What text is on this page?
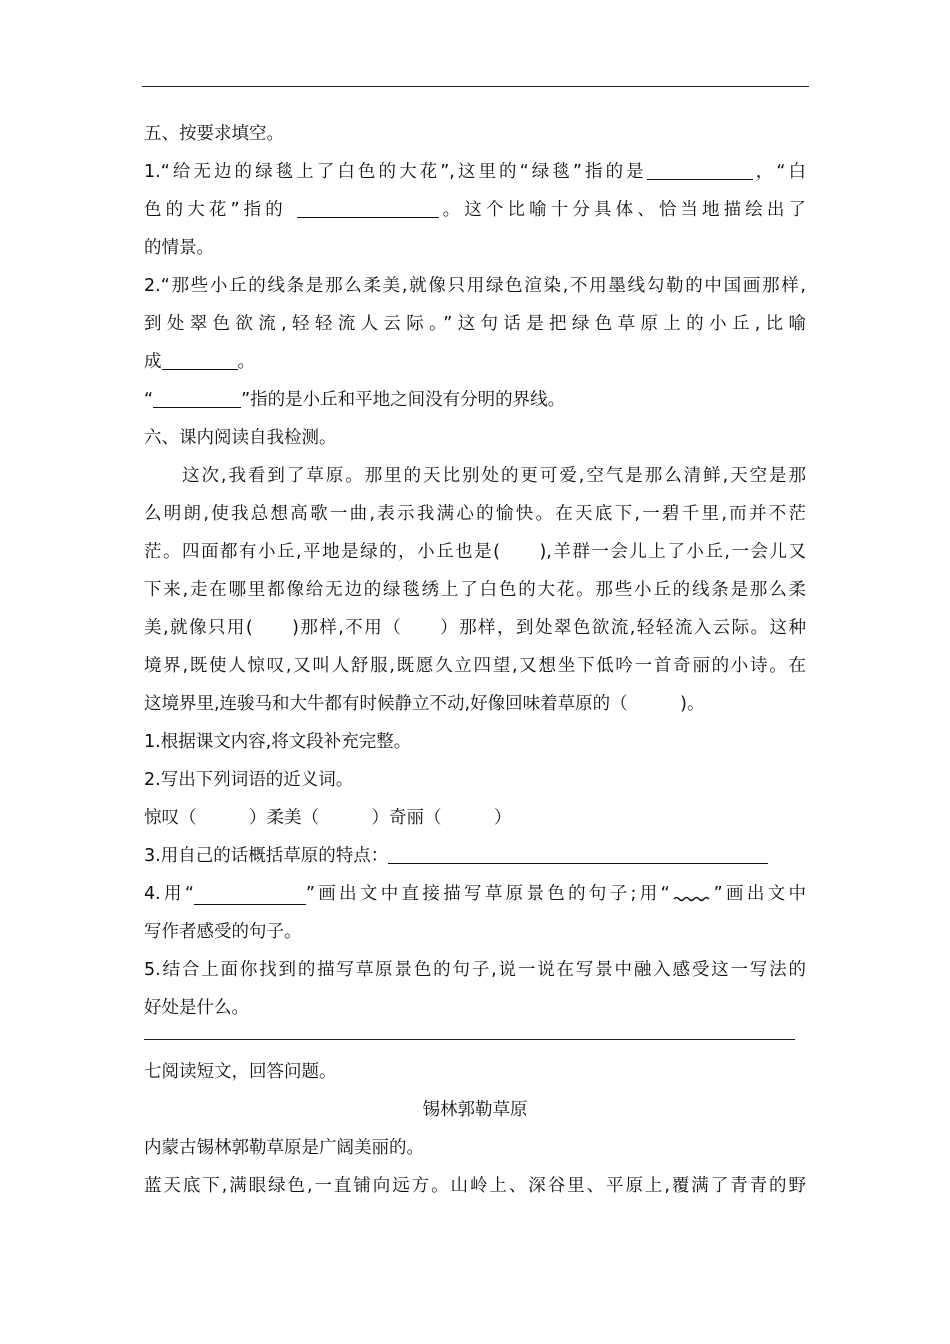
五、按要求填空。
1.“给无边的绿毯上了白色的大花”,这里的“绿毯”指的是	，“白
色的大花”指的	。这个比喻十分具体、恰当地描绘出了
的情景。
2.“那些小丘的线条是那么柔美,就像只用绿色渲染,不用墨线勾勒的中国画那样,
到处翠色欲流,轻轻流人云际。”这句话是把绿色草原上的小丘,比喻
成	。
“	”指的是小丘和平地之间没有分明的界线。
六、课内阅读自我检测。
这次,我看到了草原。那里的天比别处的更可爱,空气是那么清鲜,天空是那
么明朗,使我总想高歌一曲,表示我满心的愉快。在天底下,一碧千里,而并不茫
茫。四面都有小丘,平地是绿的，小丘也是(　　),羊群一会儿上了小丘,一会儿又
下来,走在哪里都像给无边的绿毯绣上了白色的大花。那些小丘的线条是那么柔
美,就像只用(　　)那样,不用（　　）那样，到处翠色欲流,轻轻流入云际。这种
境界,既使人惊叹,又叫人舒服,既愿久立四望,又想坐下低吟一首奇丽的小诗。在
这境界里,连骏马和大牛都有时候静立不动,好像回味着草原的（　　　)。
1.根据课文内容,将文段补充完整。
2.写出下列词语的近义词。
惊叹（　　　）柔美（　　　）奇丽（　　　）
3.用自己的话概括草原的特点：
4.用“	”画出文中直接描写草原景色的句子;用“	”画出文中
写作者感受的句子。
5.结合上面你找到的描写草原景色的句子,说一说在写景中融入感受这一写法的
好处是什么。
七阅读短文，回答问题。
锡林郭勒草原
内蒙古锡林郭勒草原是广阔美丽的。
蓝天底下,满眼绿色,一直铺向远方。山岭上、深谷里、平原上,覆满了青青的野
